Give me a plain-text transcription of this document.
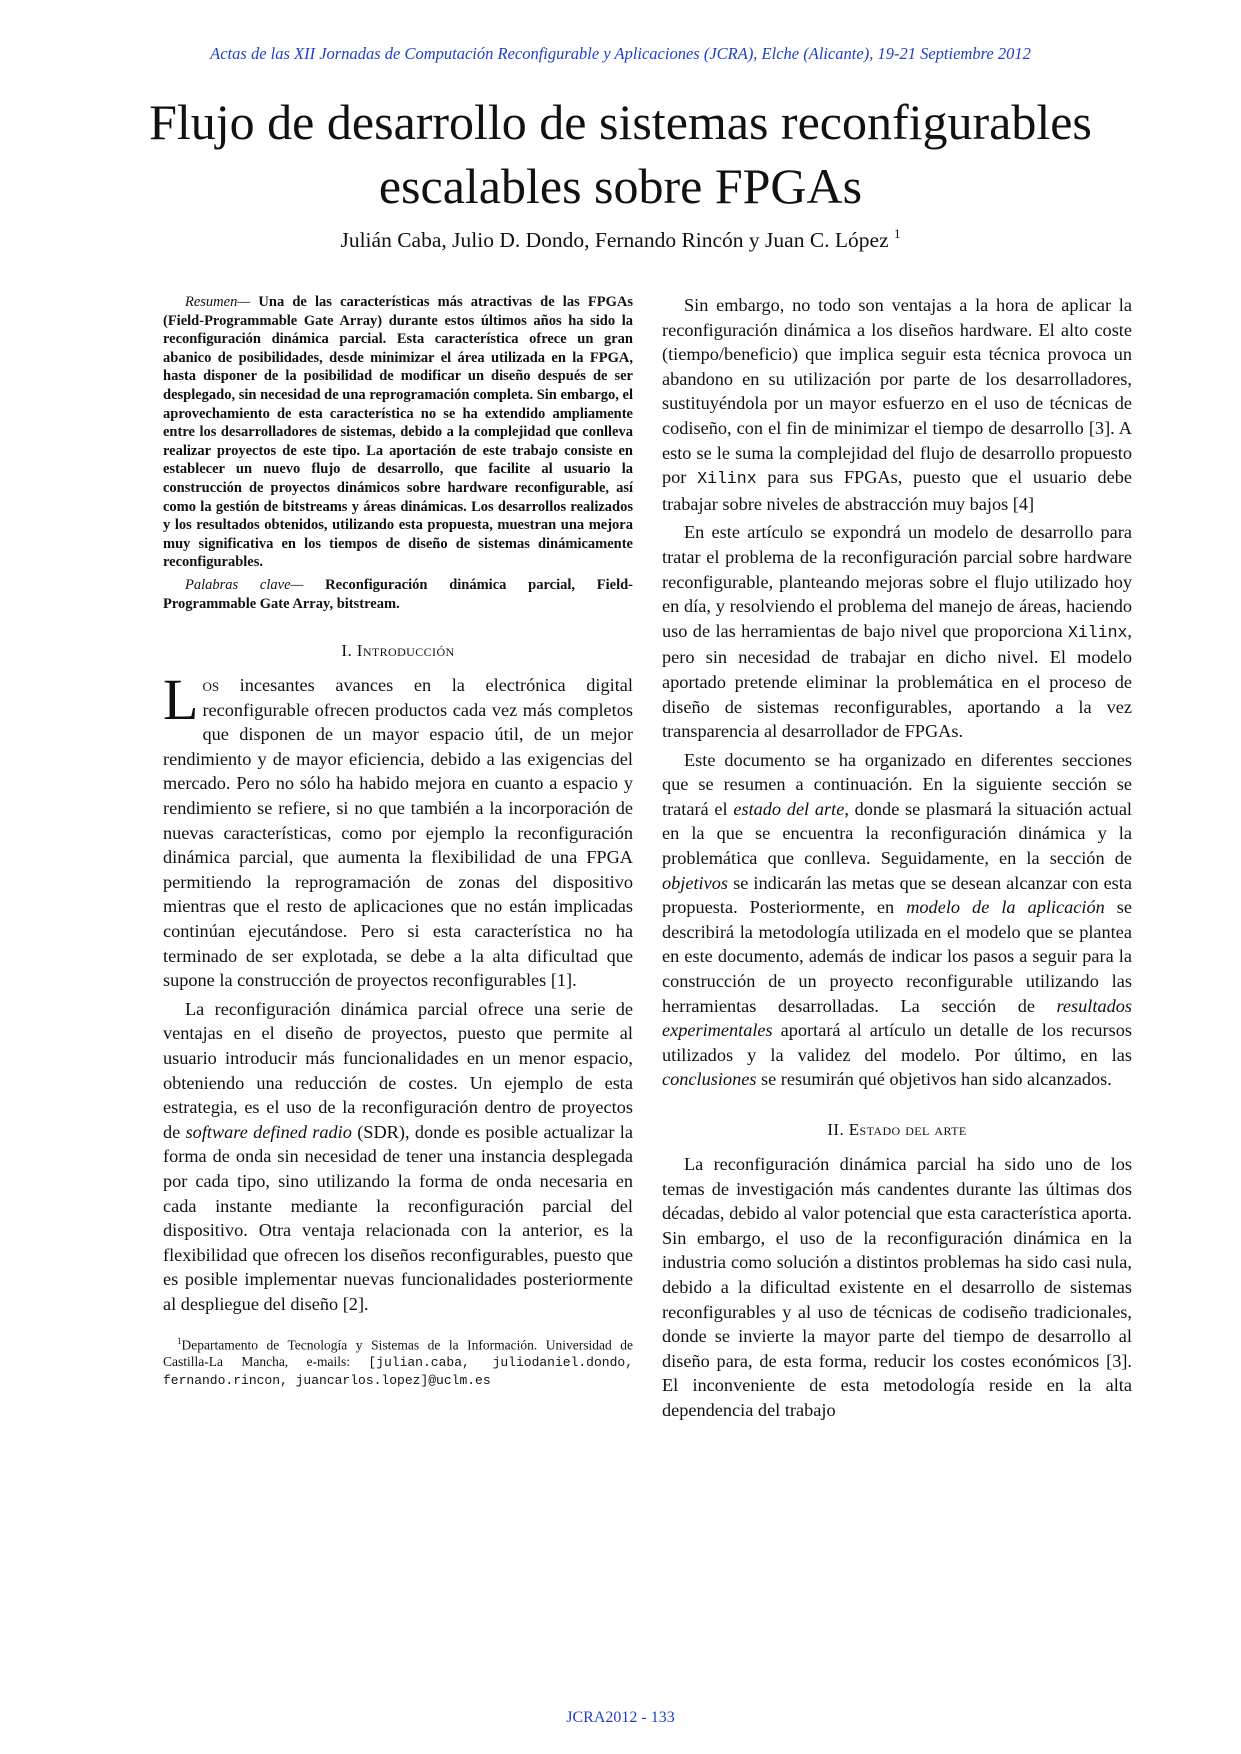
Actas de las XII Jornadas de Computación Reconfigurable y Aplicaciones (JCRA), Elche (Alicante), 19-21 Septiembre 2012
Flujo de desarrollo de sistemas reconfigurables
escalables sobre FPGAs
Julián Caba, Julio D. Dondo, Fernando Rincón y Juan C. López $^1$

Resumen— Una de las características más atractivas de las FPGAs (Field-Programmable Gate Array) durante estos últimos años ha sido la reconfiguración dinámica parcial. Esta característica ofrece un gran abanico de posibilidades, desde minimizar el área utilizada en la FPGA, hasta disponer de la posibilidad de modificar un diseño después de ser desplegado, sin necesidad de una reprogramación completa. Sin embargo, el aprovechamiento de esta característica no se ha extendido ampliamente entre los desarrolladores de sistemas, debido a la complejidad que conlleva realizar proyectos de este tipo. La aportación de este trabajo consiste en establecer un nuevo flujo de desarrollo, que facilite al usuario la construcción de proyectos dinámicos sobre hardware reconfigurable, así como la gestión de bitstreams y áreas dinámicas. Los desarrollos realizados y los resultados obtenidos, utilizando esta propuesta, muestran una mejora muy significativa en los tiempos de diseño de sistemas dinámicamente reconfigurables.

Palabras clave— Reconfiguración dinámica parcial, Field-Programmable Gate Array, bitstream.

I. Introducción

Los incesantes avances en la electrónica digital reconfigurable ofrecen productos cada vez más completos que disponen de un mayor espacio útil, de un mejor rendimiento y de mayor eficiencia, debido a las exigencias del mercado. Pero no sólo ha habido mejora en cuanto a espacio y rendimiento se refiere, si no que también a la incorporación de nuevas características, como por ejemplo la reconfiguración dinámica parcial, que aumenta la flexibilidad de una FPGA permitiendo la reprogramación de zonas del dispositivo mientras que el resto de aplicaciones que no están implicadas continúan ejecutándose. Pero si esta característica no ha terminado de ser explotada, se debe a la alta dificultad que supone la construcción de proyectos reconfigurables [1].

La reconfiguración dinámica parcial ofrece una serie de ventajas en el diseño de proyectos, puesto que permite al usuario introducir más funcionalidades en un menor espacio, obteniendo una reducción de costes. Un ejemplo de esta estrategia, es el uso de la reconfiguración dentro de proyectos de software defined radio (SDR), donde es posible actualizar la forma de onda sin necesidad de tener una instancia desplegada por cada tipo, sino utilizando la forma de onda necesaria en cada instante mediante la reconfiguración parcial del dispositivo. Otra ventaja relacionada con la anterior, es la flexibilidad que ofrecen los diseños reconfigurables, puesto que es posible implementar nuevas funcionalidades posteriormente al despliegue del diseño [2].

$^1$Departamento de Tecnología y Sistemas de la Información. Universidad de Castilla-La Mancha, e-mails: [julian.caba, juliodaniel.dondo, fernando.rincon, juancarlos.lopez]@uclm.es

Sin embargo, no todo son ventajas a la hora de aplicar la reconfiguración dinámica a los diseños hardware. El alto coste (tiempo/beneficio) que implica seguir esta técnica provoca un abandono en su utilización por parte de los desarrolladores, sustituyéndola por un mayor esfuerzo en el uso de técnicas de codiseño, con el fin de minimizar el tiempo de desarrollo [3]. A esto se le suma la complejidad del flujo de desarrollo propuesto por Xilinx para sus FPGAs, puesto que el usuario debe trabajar sobre niveles de abstracción muy bajos [4]

En este artículo se expondrá un modelo de desarrollo para tratar el problema de la reconfiguración parcial sobre hardware reconfigurable, planteando mejoras sobre el flujo utilizado hoy en día, y resolviendo el problema del manejo de áreas, haciendo uso de las herramientas de bajo nivel que proporciona Xilinx, pero sin necesidad de trabajar en dicho nivel. El modelo aportado pretende eliminar la problemática en el proceso de diseño de sistemas reconfigurables, aportando a la vez transparencia al desarrollador de FPGAs.

Este documento se ha organizado en diferentes secciones que se resumen a continuación. En la siguiente sección se tratará el estado del arte, donde se plasmará la situación actual en la que se encuentra la reconfiguración dinámica y la problemática que conlleva. Seguidamente, en la sección de objetivos se indicarán las metas que se desean alcanzar con esta propuesta. Posteriormente, en modelo de la aplicación se describirá la metodología utilizada en el modelo que se plantea en este documento, además de indicar los pasos a seguir para la construcción de un proyecto reconfigurable utilizando las herramientas desarrolladas. La sección de resultados experimentales aportará al artículo un detalle de los recursos utilizados y la validez del modelo. Por último, en las conclusiones se resumirán qué objetivos han sido alcanzados.

II. Estado del arte

La reconfiguración dinámica parcial ha sido uno de los temas de investigación más candentes durante las últimas dos décadas, debido al valor potencial que esta característica aporta. Sin embargo, el uso de la reconfiguración dinámica en la industria como solución a distintos problemas ha sido casi nula, debido a la dificultad existente en el desarrollo de sistemas reconfigurables y al uso de técnicas de codiseño tradicionales, donde se invierte la mayor parte del tiempo de desarrollo al diseño para, de esta forma, reducir los costes económicos [3]. El inconveniente de esta metodología reside en la alta dependencia del trabajo

JCRA2012 - 133
